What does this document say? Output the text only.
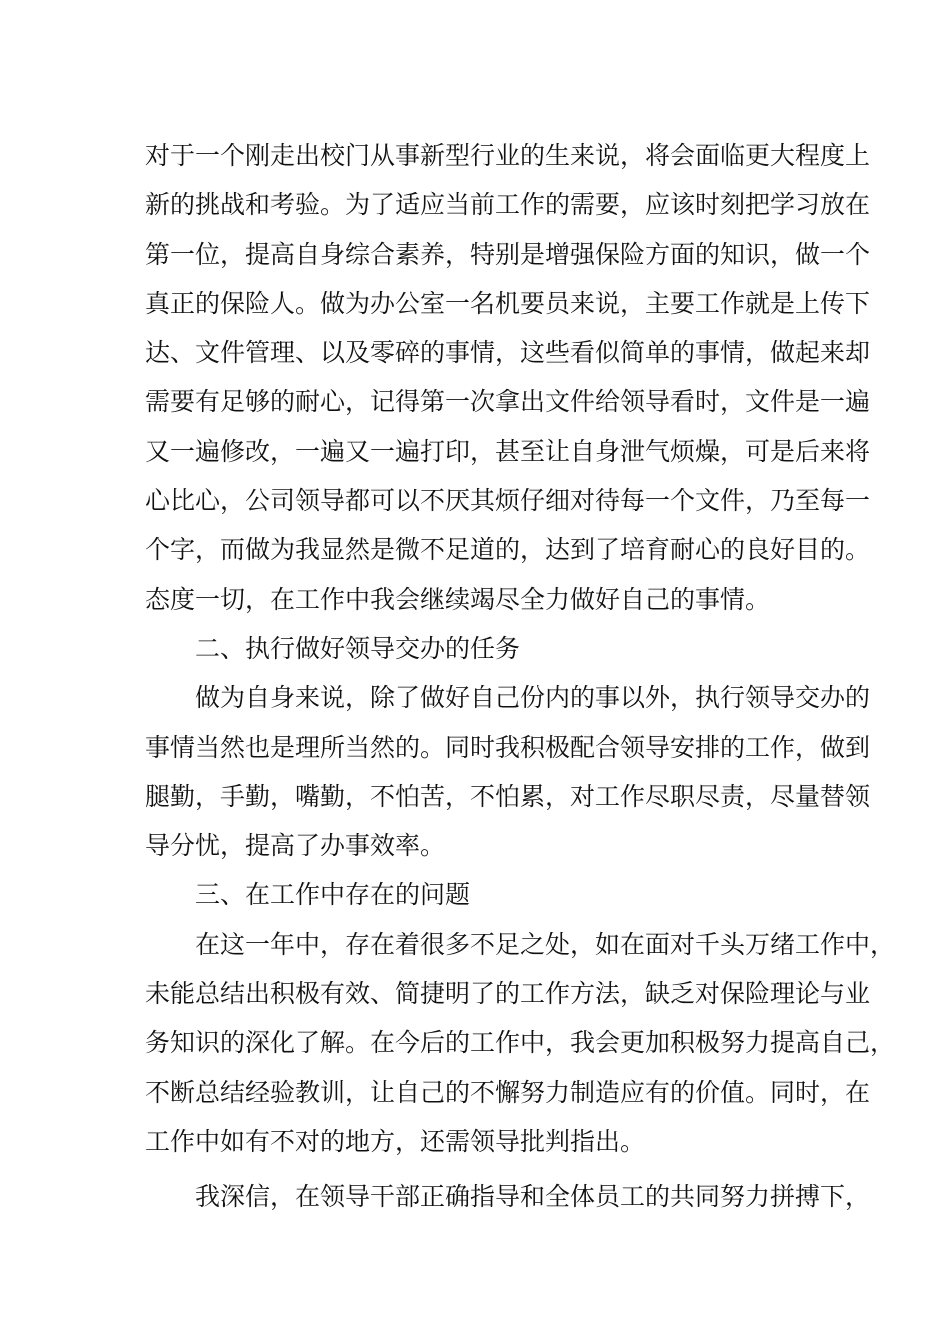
对于一个刚走出校门从事新型行业的生来说，将会面临更大程度上
新的挑战和考验。为了适应当前工作的需要，应该时刻把学习放在
第一位，提高自身综合素养，特别是增强保险方面的知识，做一个
真正的保险人。做为办公室一名机要员来说，主要工作就是上传下
达、文件管理、以及零碎的事情，这些看似简单的事情，做起来却
需要有足够的耐心，记得第一次拿出文件给领导看时，文件是一遍
又一遍修改，一遍又一遍打印，甚至让自身泄气烦燥，可是后来将
心比心，公司领导都可以不厌其烦仔细对待每一个文件，乃至每一
个字，而做为我显然是微不足道的，达到了培育耐心的良好目的。
态度一切，在工作中我会继续竭尽全力做好自己的事情。
二、执行做好领导交办的任务
做为自身来说，除了做好自己份内的事以外，执行领导交办的
事情当然也是理所当然的。同时我积极配合领导安排的工作，做到
腿勤，手勤，嘴勤，不怕苦，不怕累，对工作尽职尽责，尽量替领
导分忧，提高了办事效率。
三、在工作中存在的问题
在这一年中，存在着很多不足之处，如在面对千头万绪工作中，
未能总结出积极有效、简捷明了的工作方法，缺乏对保险理论与业
务知识的深化了解。在今后的工作中，我会更加积极努力提高自己，
不断总结经验教训，让自己的不懈努力制造应有的价值。同时，在
工作中如有不对的地方，还需领导批判指出。
我深信，在领导干部正确指导和全体员工的共同努力拼搏下，
